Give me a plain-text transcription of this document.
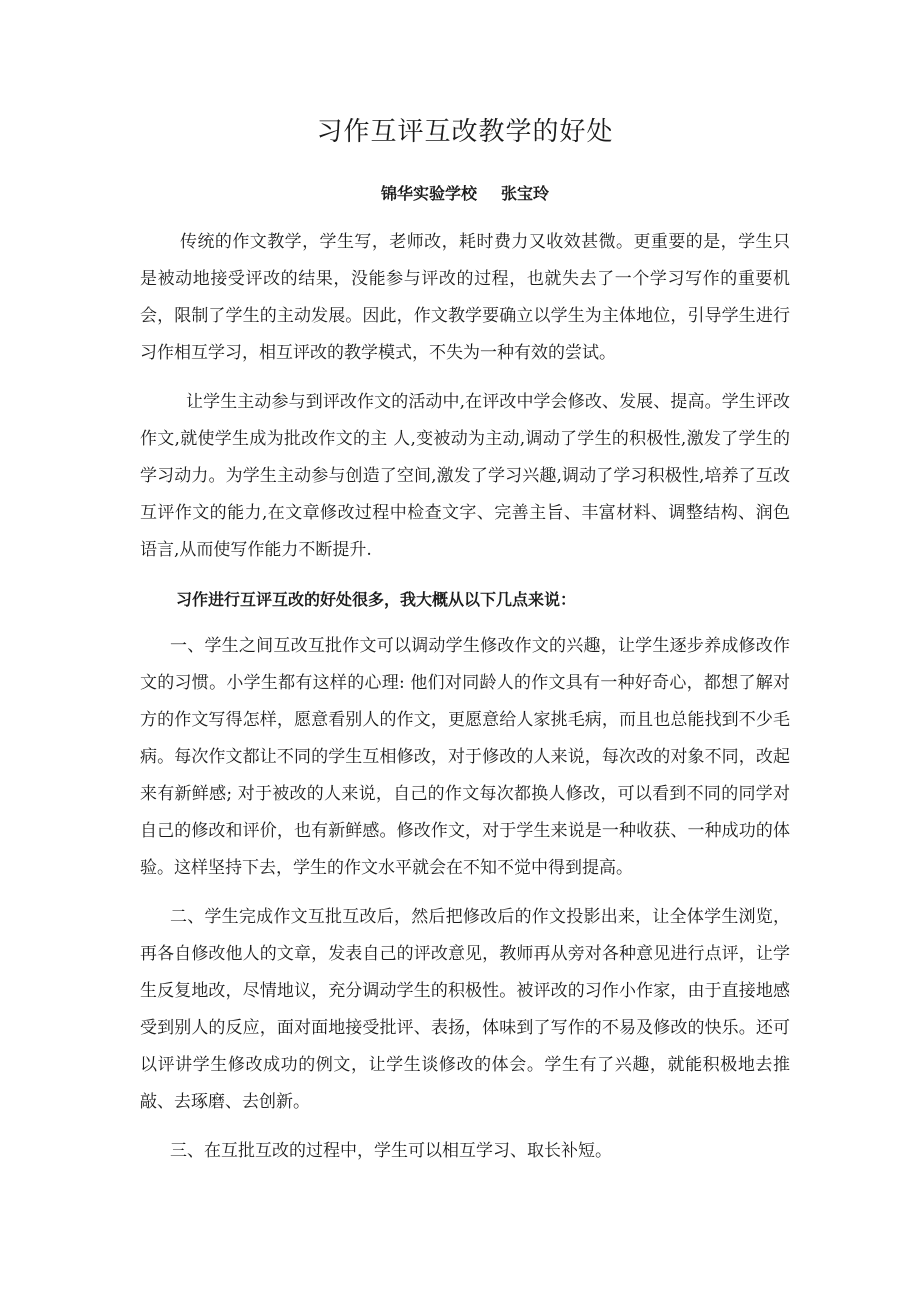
习作互评互改教学的好处
锦华实验学校 张宝玲

传统的作文教学，学生写，老师改，耗时费力又收效甚微。更重要的是，学生只是被动地接受评改的结果，没能参与评改的过程，也就失去了一个学习写作的重要机会，限制了学生的主动发展。因此，作文教学要确立以学生为主体地位，引导学生进行习作相互学习，相互评改的教学模式，不失为一种有效的尝试。

让学生主动参与到评改作文的活动中,在评改中学会修改、发展、提高。学生评改作文,就使学生成为批改作文的主 人,变被动为主动,调动了学生的积极性,激发了学生的学习动力。为学生主动参与创造了空间,激发了学习兴趣,调动了学习积极性,培养了互改互评作文的能力,在文章修改过程中检查文字、完善主旨、丰富材料、调整结构、润色语言,从而使写作能力不断提升.

习作进行互评互改的好处很多，我大概从以下几点来说：

一、学生之间互改互批作文可以调动学生修改作文的兴趣，让学生逐步养成修改作文的习惯。小学生都有这样的心理: 他们对同龄人的作文具有一种好奇心，都想了解对方的作文写得怎样，愿意看别人的作文，更愿意给人家挑毛病，而且也总能找到不少毛病。每次作文都让不同的学生互相修改，对于修改的人来说，每次改的对象不同，改起来有新鲜感; 对于被改的人来说，自己的作文每次都换人修改，可以看到不同的同学对自己的修改和评价，也有新鲜感。修改作文，对于学生来说是一种收获、一种成功的体验。这样坚持下去，学生的作文水平就会在不知不觉中得到提高。

二、学生完成作文互批互改后，然后把修改后的作文投影出来，让全体学生浏览，再各自修改他人的文章，发表自己的评改意见，教师再从旁对各种意见进行点评，让学生反复地改，尽情地议，充分调动学生的积极性。被评改的习作小作家，由于直接地感受到别人的反应，面对面地接受批评、表扬，体味到了写作的不易及修改的快乐。还可以评讲学生修改成功的例文，让学生谈修改的体会。学生有了兴趣，就能积极地去推敲、去琢磨、去创新。

三、在互批互改的过程中，学生可以相互学习、取长补短。
